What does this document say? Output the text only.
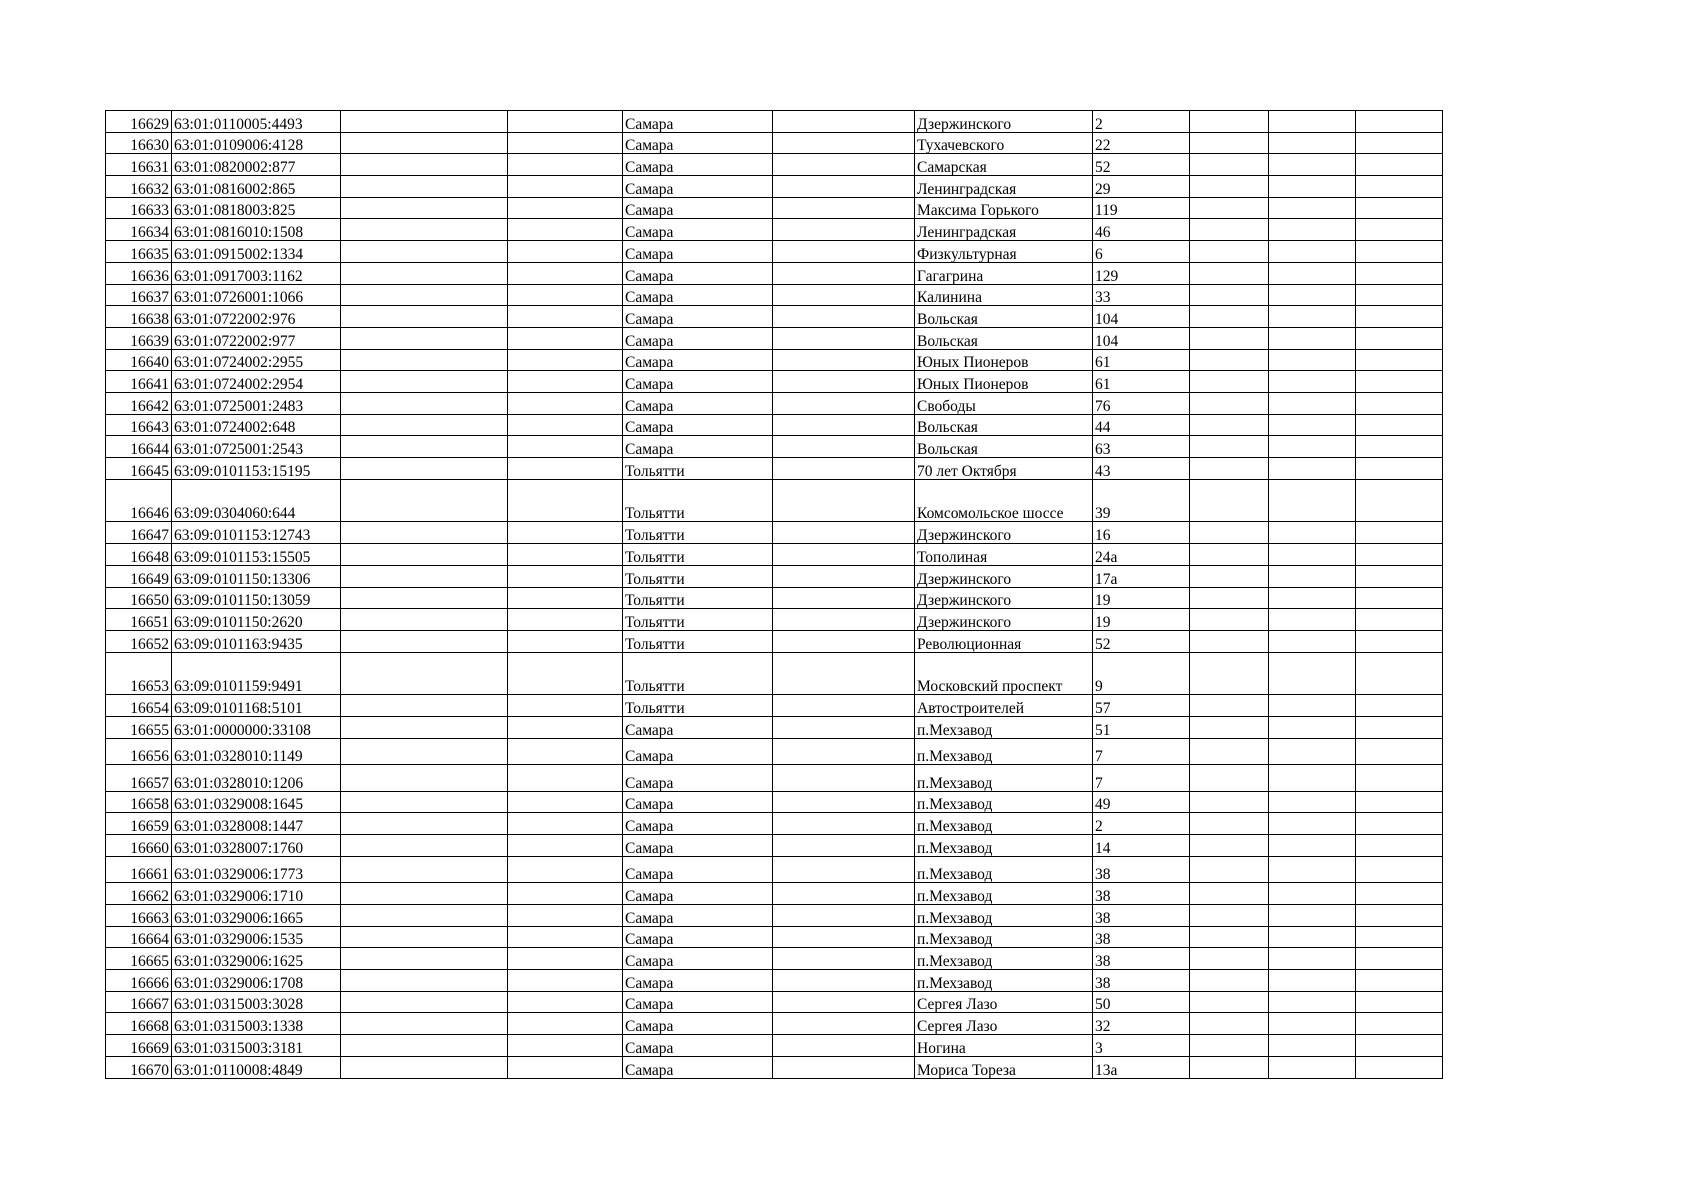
16629	63:01:0110005:4493			Самара		Дзержинского	2			
16630	63:01:0109006:4128			Самара		Тухачевского	22			
16631	63:01:0820002:877			Самара		Самарская	52			
16632	63:01:0816002:865			Самара		Ленинградская	29			
16633	63:01:0818003:825			Самара		Максима Горького	119			
16634	63:01:0816010:1508			Самара		Ленинградская	46			
16635	63:01:0915002:1334			Самара		Физкультурная	6			
16636	63:01:0917003:1162			Самара		Гагагрина	129			
16637	63:01:0726001:1066			Самара		Калинина	33			
16638	63:01:0722002:976			Самара		Вольская	104			
16639	63:01:0722002:977			Самара		Вольская	104			
16640	63:01:0724002:2955			Самара		Юных Пионеров	61			
16641	63:01:0724002:2954			Самара		Юных Пионеров	61			
16642	63:01:0725001:2483			Самара		Свободы	76			
16643	63:01:0724002:648			Самара		Вольская	44			
16644	63:01:0725001:2543			Самара		Вольская	63			
16645	63:09:0101153:15195			Тольятти		70 лет Октября	43			
16646	63:09:0304060:644			Тольятти		Комсомольское шоссе	39			
16647	63:09:0101153:12743			Тольятти		Дзержинского	16			
16648	63:09:0101153:15505			Тольятти		Тополиная	24а			
16649	63:09:0101150:13306			Тольятти		Дзержинского	17а			
16650	63:09:0101150:13059			Тольятти		Дзержинского	19			
16651	63:09:0101150:2620			Тольятти		Дзержинского	19			
16652	63:09:0101163:9435			Тольятти		Революционная	52			
16653	63:09:0101159:9491			Тольятти		Московский проспект	9			
16654	63:09:0101168:5101			Тольятти		Автостроителей	57			
16655	63:01:0000000:33108			Самара		п.Мехзавод	51			
16656	63:01:0328010:1149			Самара		п.Мехзавод	7			
16657	63:01:0328010:1206			Самара		п.Мехзавод	7			
16658	63:01:0329008:1645			Самара		п.Мехзавод	49			
16659	63:01:0328008:1447			Самара		п.Мехзавод	2			
16660	63:01:0328007:1760			Самара		п.Мехзавод	14			
16661	63:01:0329006:1773			Самара		п.Мехзавод	38			
16662	63:01:0329006:1710			Самара		п.Мехзавод	38			
16663	63:01:0329006:1665			Самара		п.Мехзавод	38			
16664	63:01:0329006:1535			Самара		п.Мехзавод	38			
16665	63:01:0329006:1625			Самара		п.Мехзавод	38			
16666	63:01:0329006:1708			Самара		п.Мехзавод	38			
16667	63:01:0315003:3028			Самара		Сергея Лазо	50			
16668	63:01:0315003:1338			Самара		Сергея Лазо	32			
16669	63:01:0315003:3181			Самара		Ногина	3			
16670	63:01:0110008:4849			Самара		Мориса Тореза	13а			
